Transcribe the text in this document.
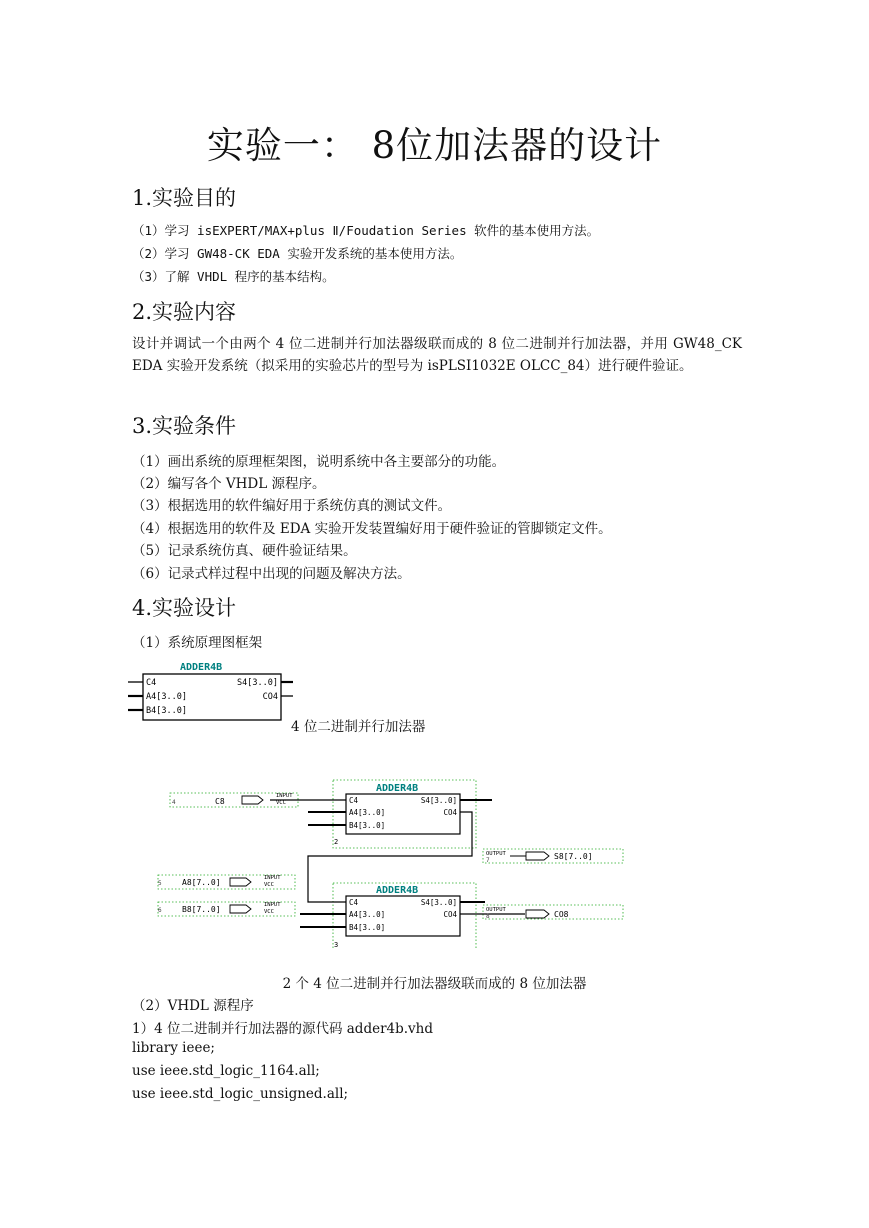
实验一： 8位加法器的设计
1.实验目的
（1）学习 isEXPERT/MAX+plus Ⅱ/Foudation Series 软件的基本使用方法。
（2）学习 GW48-CK EDA 实验开发系统的基本使用方法。
（3）了解 VHDL 程序的基本结构。
2.实验内容
设计并调试一个由两个 4 位二进制并行加法器级联而成的 8 位二进制并行加法器，并用 GW48_CK EDA 实验开发系统（拟采用的实验芯片的型号为 isPLSI1032E OLCC_84）进行硬件验证。
3.实验条件
（1）画出系统的原理框架图，说明系统中各主要部分的功能。
（2）编写各个 VHDL 源程序。
（3）根据选用的软件编好用于系统仿真的测试文件。
（4）根据选用的软件及 EDA 实验开发装置编好用于硬件验证的管脚锁定文件。
（5）记录系统仿真、硬件验证结果。
（6）记录式样过程中出现的问题及解决方法。
4.实验设计
（1）系统原理图框架
ADDER4B
C4
A4[3..0]
B4[3..0]
S4[3..0]
CO4
4 位二进制并行加法器
ADDER4B
C4
A4[3..0]
B4[3..0]
S4[3..0]
CO4
2
ADDER4B
C4
A4[3..0]
B4[3..0]
S4[3..0]
CO4
3
4	C8
INPUT
VCC
5	A8[7..0]	INPUT
VCC
6	B8[7..0]	INPUT
VCC
OUTPUT
7	S8[7..0]
OUTPUT
8	CO8
2 个 4 位二进制并行加法器级联而成的 8 位加法器
（2）VHDL 源程序
1）4 位二进制并行加法器的源代码 adder4b.vhd
library ieee;
use ieee.std_logic_1164.all;
use ieee.std_logic_unsigned.all;
